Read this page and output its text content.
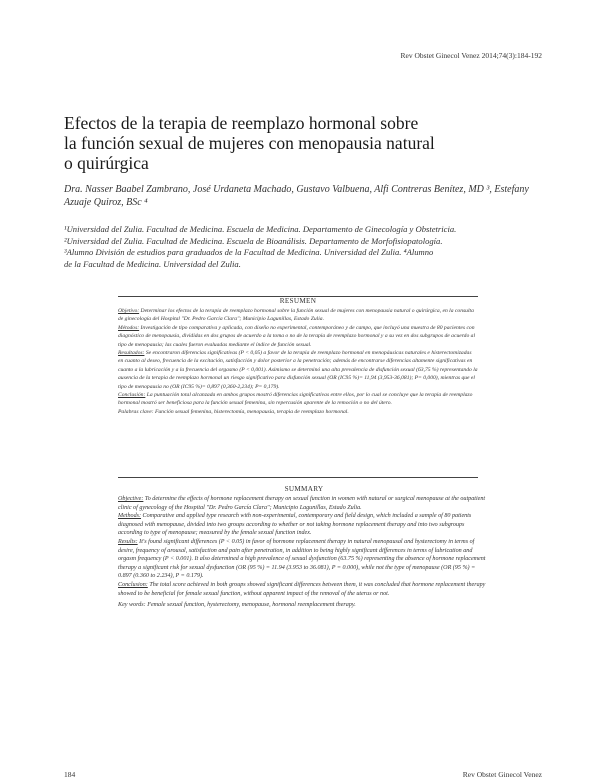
Rev Obstet Ginecol Venez 2014;74(3):184-192
Efectos de la terapia de reemplazo hormonal sobre
la función sexual de mujeres con menopausia natural
o quirúrgica
Dra. Nasser Baabel Zambrano, José Urdaneta Machado, Gustavo Valbuena, Alfi Contreras Benítez, MD ³, Estefany Azuaje Quiroz, BSc ⁴
¹Universidad del Zulia. Facultad de Medicina. Escuela de Medicina. Departamento de Ginecología y Obstetricia.
²Universidad del Zulia. Facultad de Medicina. Escuela de Bioanálisis. Departamento de Morfofisiopatología.
³Alumno División de estudios para graduados de la Facultad de Medicina. Universidad del Zulia. ⁴Alumno
de la Facultad de Medicina. Universidad del Zulia.
RESUMEN

Objetivo: Determinar los efectos de la terapia de reemplazo hormonal sobre la función sexual de mujeres con menopausia natural o quirúrgica, en la consulta de ginecología del Hospital "Dr. Pedro García Clara"; Municipio Lagunillas, Estado Zulia.

Métodos: Investigación de tipo comparativa y aplicada, con diseño no experimental, contemporáneo y de campo, que incluyó una muestra de 80 pacientes con diagnóstico de menopausia, divididas en dos grupos de acuerdo a la toma o no de la terapia de reemplazo hormonal y a su vez en dos subgrupos de acuerdo al tipo de menopausia; las cuales fueron evaluadas mediante el índice de función sexual.

Resultados: Se encontraron diferencias significativas (P < 0,05) a favor de la terapia de reemplazo hormonal en menopáusicas naturales e histerectomizadas en cuanto al deseo, frecuencia de la excitación, satisfacción y dolor posterior a la penetración; además de encontrarse diferencias altamente significativas en cuanto a la lubricación y a la frecuencia del orgasmo (P < 0,001). Asimismo se determinó una alta prevalencia de disfunción sexual (63,75 %) representando la ausencia de la terapia de reemplazo hormonal un riesgo significativo para disfunción sexual (OR (IC95 %)= 11,94 (3,953-36,081); P= 0,000), mientras que el tipo de menopausia no (OR (IC95 %)= 0,897 (0,360-2,234); P= 0,179).

Conclusión: La puntuación total alcanzada en ambos grupos mostró diferencias significativas entre ellos, por lo cual se concluye que la terapia de reemplazo hormonal mostró ser beneficiosa para la función sexual femenina, sin repercusión aparente de la remoción o no del útero.

Palabras clave: Función sexual femenina, histerectomía, menopausia, terapia de reemplazo hormonal.

SUMMARY

Objective: To determine the effects of hormone replacement therapy on sexual function in women with natural or surgical menopause at the outpatient clinic of gynecology of the Hospital "Dr. Pedro García Clara"; Municipio Lagunillas, Estado Zulia.

Methods: Comparative and applied type research with non-experimental, contemporary and field design, which included a sample of 80 patients diagnosed with menopause, divided into two groups according to whether or not taking hormone replacement therapy and into two subgroups according to type of menopause; measured by the female sexual function index.

Results: It's found significant differences (P < 0.05) in favor of hormone replacement therapy in natural menopausal and hysterectomy in terms of desire, frequency of arousal, satisfaction and pain after penetration, in addition to being highly significant differences in terms of lubrication and orgasm frequency (P < 0.001). It also determined a high prevalence of sexual dysfunction (63.75 %) representing the absence of hormone replacement therapy a significant risk for sexual dysfunction (OR (95 %) = 11.94 (3.953 to 36.081), P = 0.000), while not the type of menopause (OR (95 %) = 0.897 (0.360 to 2.234), P = 0.179).

Conclusion: The total score achieved in both groups showed significant differences between them, it was concluded that hormone replacement therapy showed to be beneficial for female sexual function, without apparent impact of the removal of the uterus or not.

Key words: Female sexual function, hysterectomy, menopause, hormonal reemplacement therapy.

184	Rev Obstet Ginecol Venez
